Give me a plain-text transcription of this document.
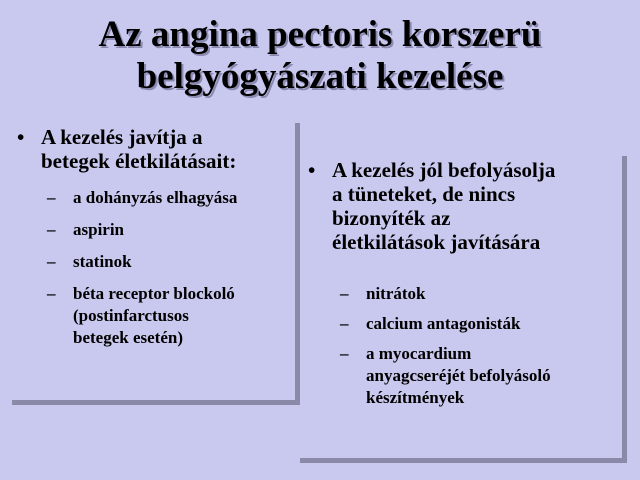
Az angina pectoris korszerü
belgyógyászati kezelése
• A kezelés javítja a
betegek életkilátásait:
– a dohányzás elhagyása
– aspirin
– statinok
– béta receptor blockoló
(postinfarctusos
betegek esetén)
• A kezelés jól befolyásolja
a tüneteket, de nincs
bizonyíték az
életkilátások javítására
– nitrátok
– calcium antagonisták
– a myocardium
anyagcseréjét befolyásoló
készítmények
